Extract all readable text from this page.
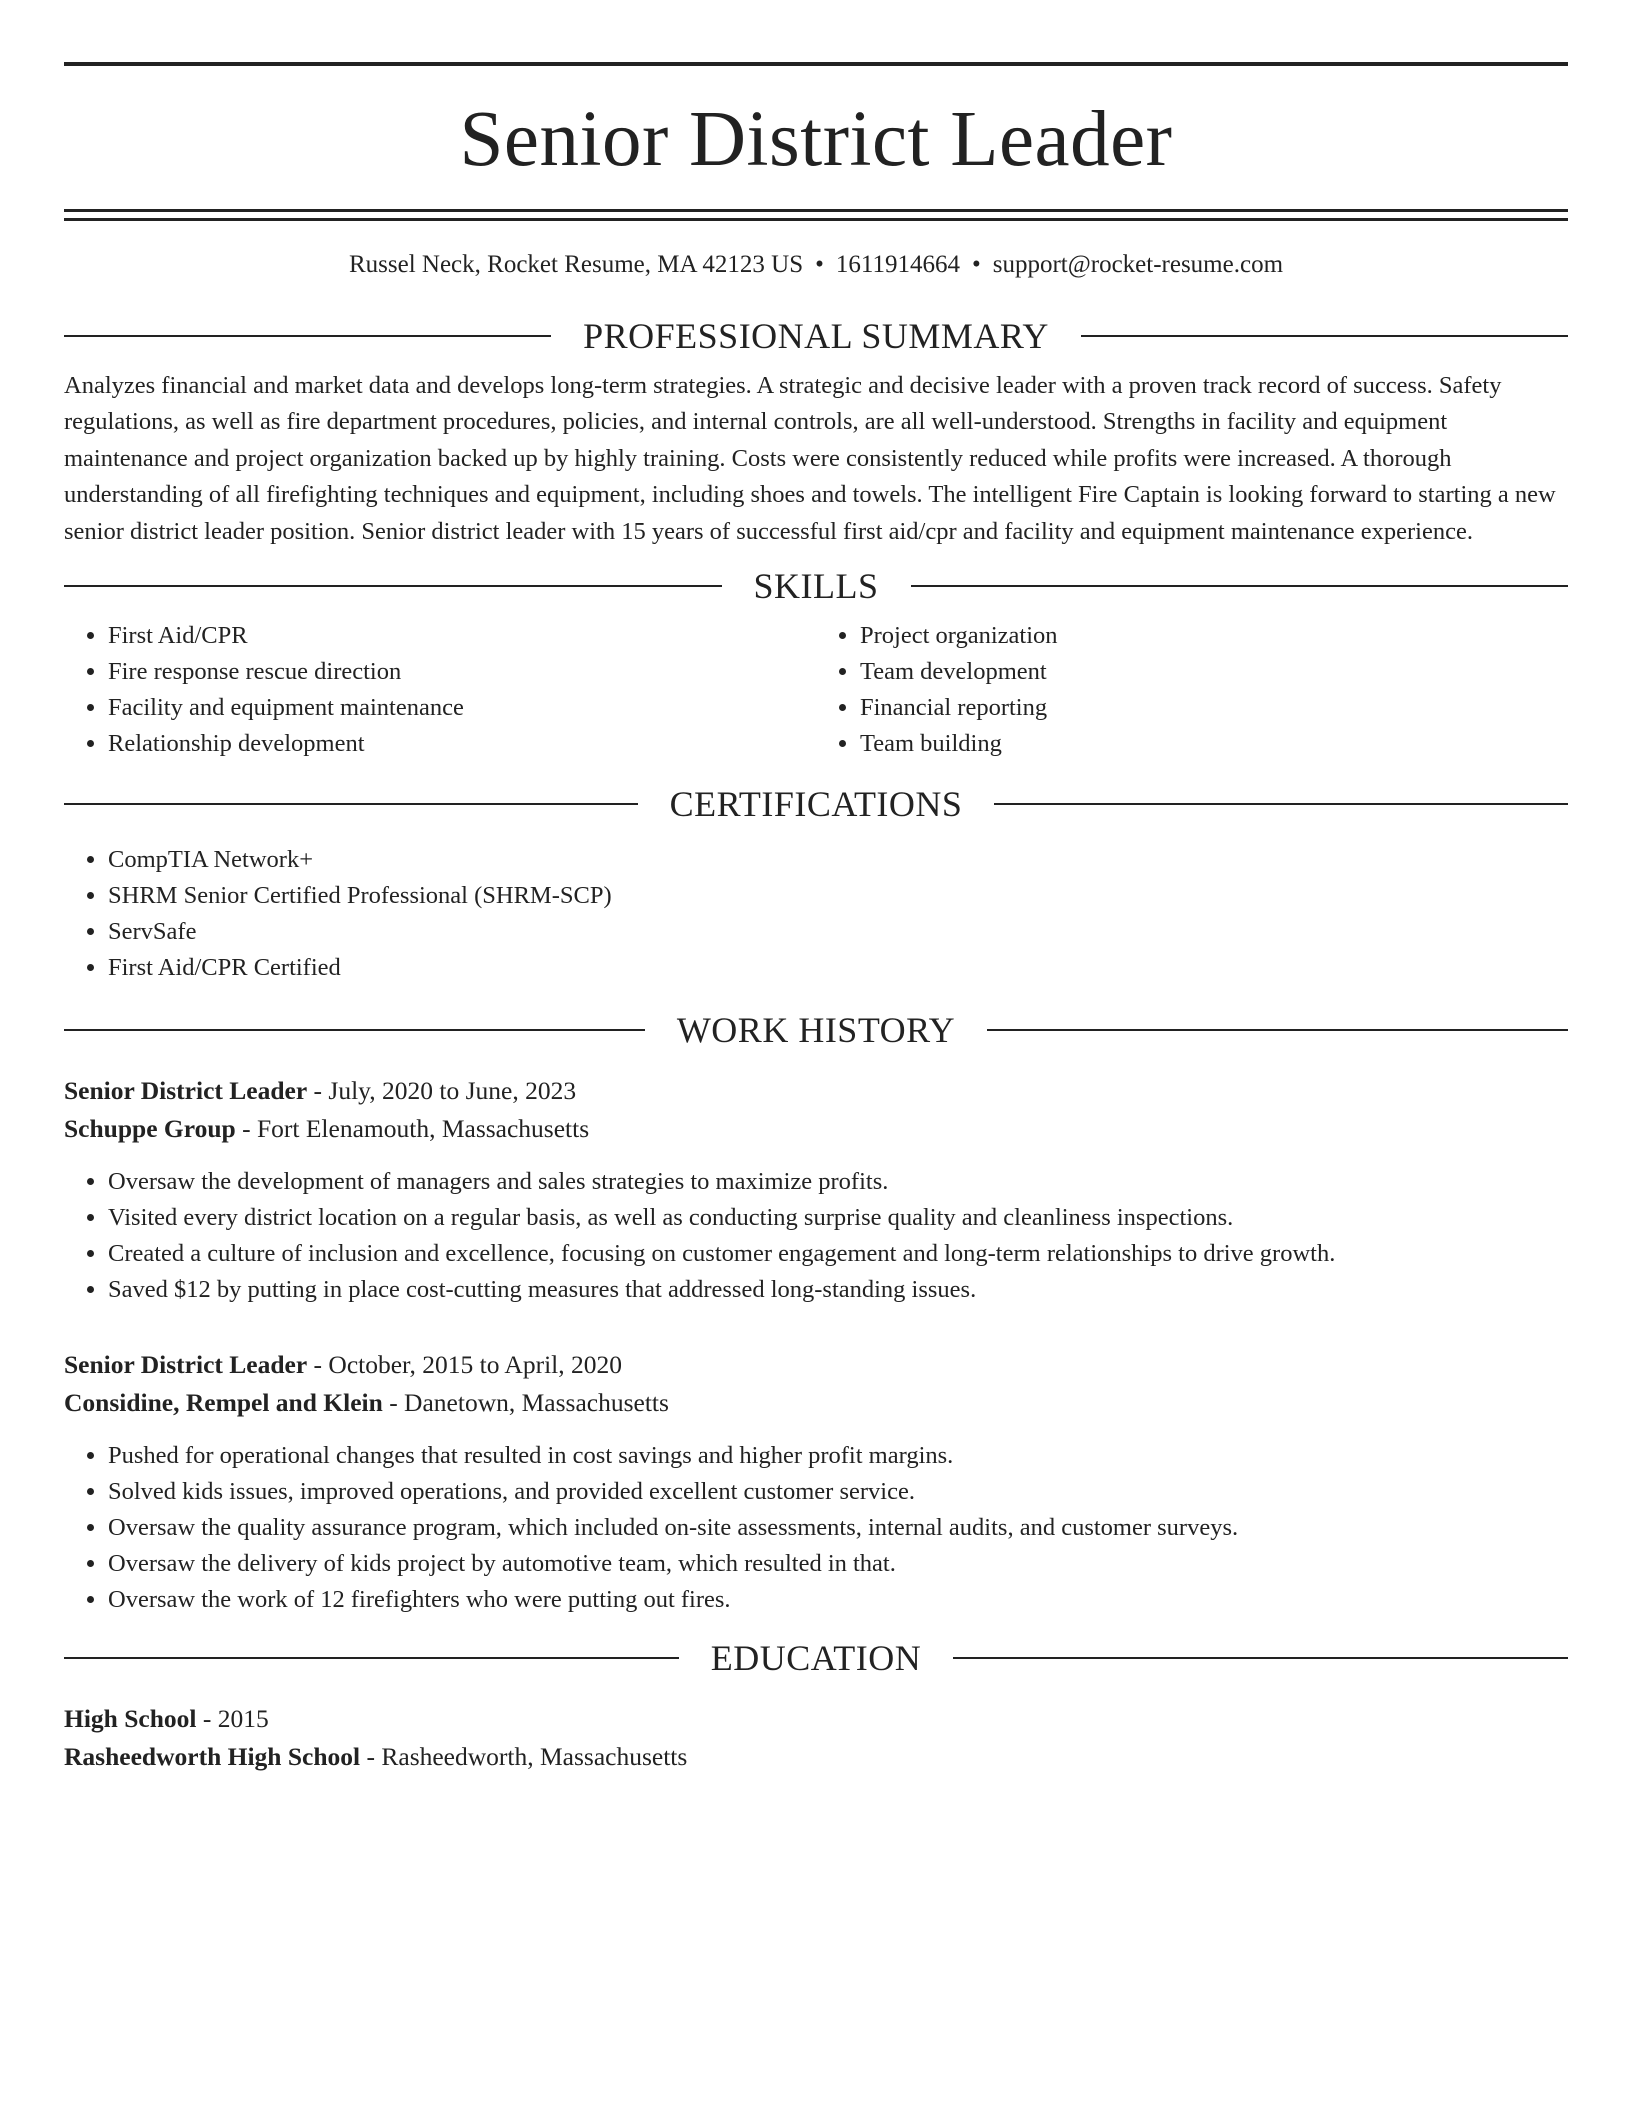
Senior District Leader
Russel Neck, Rocket Resume, MA 42123 US • 1611914664 • support@rocket-resume.com
PROFESSIONAL SUMMARY

Analyzes financial and market data and develops long-term strategies. A strategic and decisive leader with a proven track record of success. Safety regulations, as well as fire department procedures, policies, and internal controls, are all well-understood. Strengths in facility and equipment maintenance and project organization backed up by highly training. Costs were consistently reduced while profits were increased. A thorough understanding of all firefighting techniques and equipment, including shoes and towels. The intelligent Fire Captain is looking forward to starting a new senior district leader position. Senior district leader with 15 years of successful first aid/cpr and facility and equipment maintenance experience.

SKILLS
• First Aid/CPR
• Fire response rescue direction
• Facility and equipment maintenance
• Relationship development
• Project organization
• Team development
• Financial reporting
• Team building
CERTIFICATIONS
• CompTIA Network+
• SHRM Senior Certified Professional (SHRM-SCP)
• ServSafe
• First Aid/CPR Certified
WORK HISTORY
Senior District Leader - July, 2020 to June, 2023
Schuppe Group - Fort Elenamouth, Massachusetts
• Oversaw the development of managers and sales strategies to maximize profits.
• Visited every district location on a regular basis, as well as conducting surprise quality and cleanliness inspections.
• Created a culture of inclusion and excellence, focusing on customer engagement and long-term relationships to drive growth.
• Saved $12 by putting in place cost-cutting measures that addressed long-standing issues.
Senior District Leader - October, 2015 to April, 2020
Considine, Rempel and Klein - Danetown, Massachusetts
• Pushed for operational changes that resulted in cost savings and higher profit margins.
• Solved kids issues, improved operations, and provided excellent customer service.
• Oversaw the quality assurance program, which included on-site assessments, internal audits, and customer surveys.
• Oversaw the delivery of kids project by automotive team, which resulted in that.
• Oversaw the work of 12 firefighters who were putting out fires.
EDUCATION
High School - 2015
Rasheedworth High School - Rasheedworth, Massachusetts
